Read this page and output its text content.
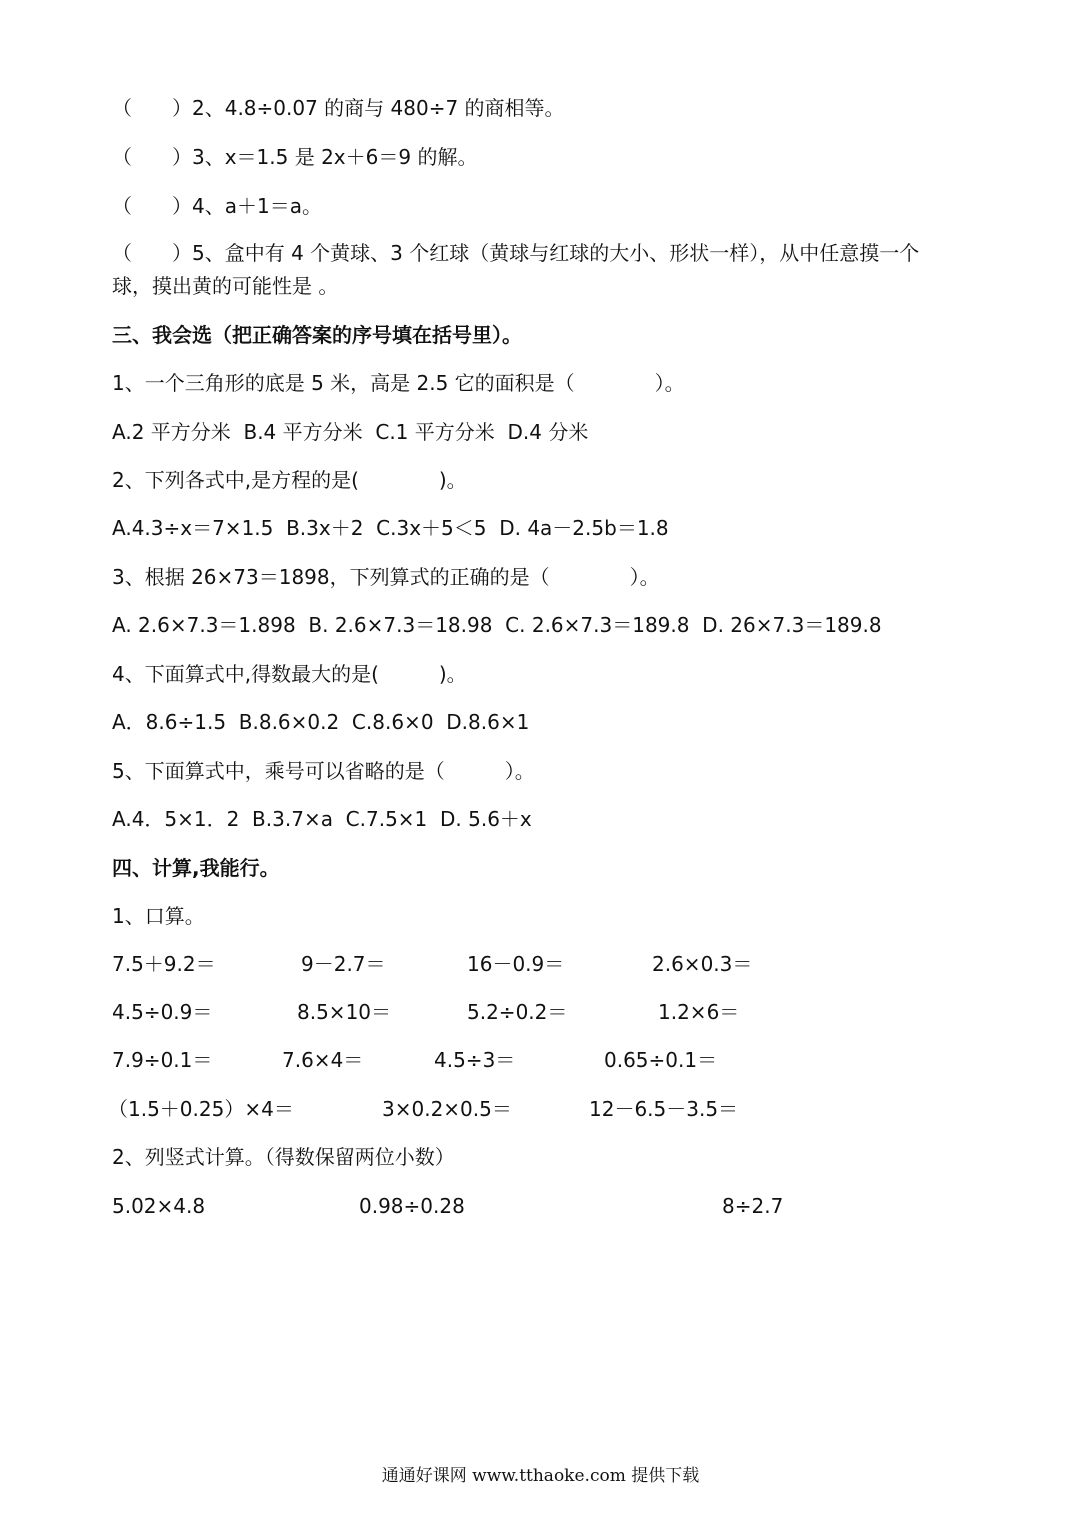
（　　）2、4.8÷0.07 的商与 480÷7 的商相等。
（　　）3、x＝1.5 是 2x＋6＝9 的解。
（　　）4、a＋1＝a。
（　　）5、盒中有 4 个黄球、3 个红球（黄球与红球的大小、形状一样），从中任意摸一个
球，摸出黄的可能性是 。
三、我会选（把正确答案的序号填在括号里）。
1、一个三角形的底是 5 米，高是 2.5 它的面积是（　　　　）。
A.2 平方分米  B.4 平方分米  C.1 平方分米  D.4 分米
2、下列各式中,是方程的是(　　　　)。
A.4.3÷x＝7×1.5  B.3x＋2  C.3x＋5＜5  D. 4a－2.5b＝1.8
3、根据 26×73＝1898，下列算式的正确的是（　　　　）。
A. 2.6×7.3＝1.898  B. 2.6×7.3＝18.98  C. 2.6×7.3＝189.8  D. 26×7.3＝189.8
4、下面算式中,得数最大的是(　　　)。
A．8.6÷1.5  B.8.6×0.2  C.8.6×0  D.8.6×1
5、下面算式中，乘号可以省略的是（　　　）。
A.4．5×1．2  B.3.7×a  C.7.5×1  D. 5.6＋x
四、计算,我能行。
1、口算。
7.5＋9.2＝	9－2.7＝	16－0.9＝	2.6×0.3＝
4.5÷0.9＝	8.5×10＝	5.2÷0.2＝	1.2×6＝
7.9÷0.1＝	7.6×4＝	4.5÷3＝	0.65÷0.1＝
（1.5＋0.25）×4＝	3×0.2×0.5＝	12－6.5－3.5＝
2、列竖式计算。（得数保留两位小数）
5.02×4.8	0.98÷0.28	8÷2.7
通通好课网 www.tthaoke.com 提供下载
